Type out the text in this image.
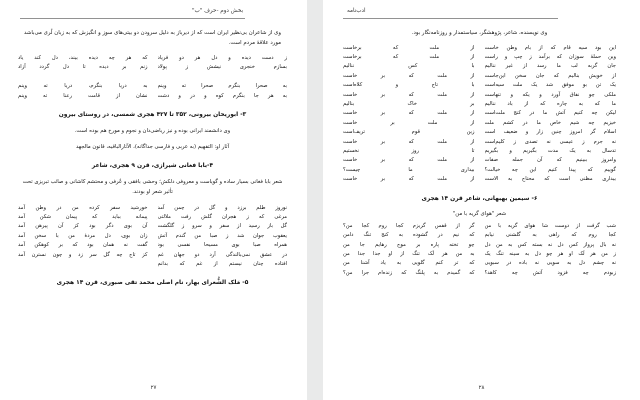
ادب‌نامه
وی نویسنده، شاعر، پژوهشگر، سیاستمدار و روزنامه‌نگار بود.
این بود سیه قام که از بام وطن خاست
از ملت که برخاست
وین حملهٔ سوزان که برآمد ز چپ و راست
از ملت که برخاست
جان گربه لب ما رسد از غیر ننالیم
با کس ننالیم
از خویش بنالیم که جان سخن این‌جاست
از ملت که بر خاست
یک تن بو موفق شد یک ملت سیه‌است
با تاج و کلاه‌است
ملکی چو نفاق آورد و یکه و تنهاست
از ملت که بر خاست
ما که به چاره که از باد ننالیم
بر خاک بنالیم
لیکن چه کنیم آتش ما در کنج ملت‌است
از ملت که بر خاست
خیزیم چه شیم خاص ما در کشم ملت
از ملت بر خاست
اسلام گر امروز چنین زار و ضعیف است
زین قوم تریف‌است
نه جرم ز عیسی نه تصدی ز کلیم‌است
از ملت که بر خاست
تدسال به یک مدت بگیریم و بگیریم
تا روز نخستیم
وامروز ببینیم که آن جمله صفات
از ملت که بر خاست
گوییم که پیدا کنیم این چه خیالت؟
بیداری ما چیست؟
بیداری مظنی است که محتاج به الاست
از ملت که بر خاست
۶- سیمین بهبهانی، شاعر قرن ۱۴ هجری
شعر "هوای گریه با من"
شب گرفت از دوست شا هوای گریه با من
گر از قفس گریزم کجا روم کجا من؟
کجا روم که راهی به گلشنی نیابم
که نیم در گشوده به کنج تنگ دامن
نه بال پرواز کس دل نه بسته کس به من دل
چو تخته پاره بر موج رهایم جا من
ز من هر لَک او هر چو دل به سینه تنگ یک
به من هر لَک تنگ از او جدا جدا من
نه چشم دل به سویی نه باده در سبویی
که تر کنم گلویی به یاد آشنا من
زبودم چه فزود آتش چه کاهد؟
که گمیدم به پلنگ که زنده‌ام جرا من؟
۲۸
بخش دوم -حرف "ب"
وی از شاعران بی‌نظیر ایران است که از دیرباز به دلیل سرودن دو بیتی‌های سوز و انگیزش که به زبان لُری می‌باشد مورد علاقهٔ مردم است.
ز دست دیده و دل هر دو فریاد
که هر چه دیده بیند، دل کند یاد
بسازم خنجری نیشش ز پولاد
زنم بر دیده تا دل گردد آزاد
به صحرا بنگرم صحرا ته وینم
به دریا بنگرم، دریا ته وینم
به هر جا بنگرم کوه و در و دشت
نشان از قامت رعنا ته وینم
۳- ابوریحان بیرونی، ۳۵۲ تا ۴۲۷ هجری شمسی، در روستای بیرون
وی دانشمند ایرانی بوده و نیز ریاضی‌دان و نجوم و مورخ هم بوده است.
آثار او: التفهیم (به عربی و فارسی جداگانه)، الآثارالباقیه، قانون مالجهد
۴-بابا فغانی شیرازی، قرن ۹ هجری، شاعر
شعر بابا فغانی بسیار ساده و گویاست و معروفی دلکش؛ وحشی بافقی و عُرفی و محتشم کاشانی و صائب تبریزی تحت تأثیر شعر او بودند.
نوروز طلم برزد و گل در چمن آمد
خورشید سفر کرده من در وطن آمد
مرغی که ز هجران گلش رفت ملالتی
پیمانه بباید که پیمان شکن آمد
گل باز رسید از سفر و سرو ز گلگشت
آن بوی دگر بود کز آن پیرهن آمد
یعقوب جوان شد ز صبا من گندم آتش
زان بوی، دل مردهٔ من با سخن آمد
همراه صبا بوی مسیحا نفسی بود
گفت نه همان بود که بر کوهکن آمد
در عشق نمی‌بالندگی آرد دو جهان غم
کز تاج چه گل سر زد و چون نسترن آمد
افتاده چنان نیستم از غم که بدانم
۵- مَلک الشُّعرای بهار، نام اصلی محمد تقی صبوری، قرن ۱۴ هجری
۲۷
